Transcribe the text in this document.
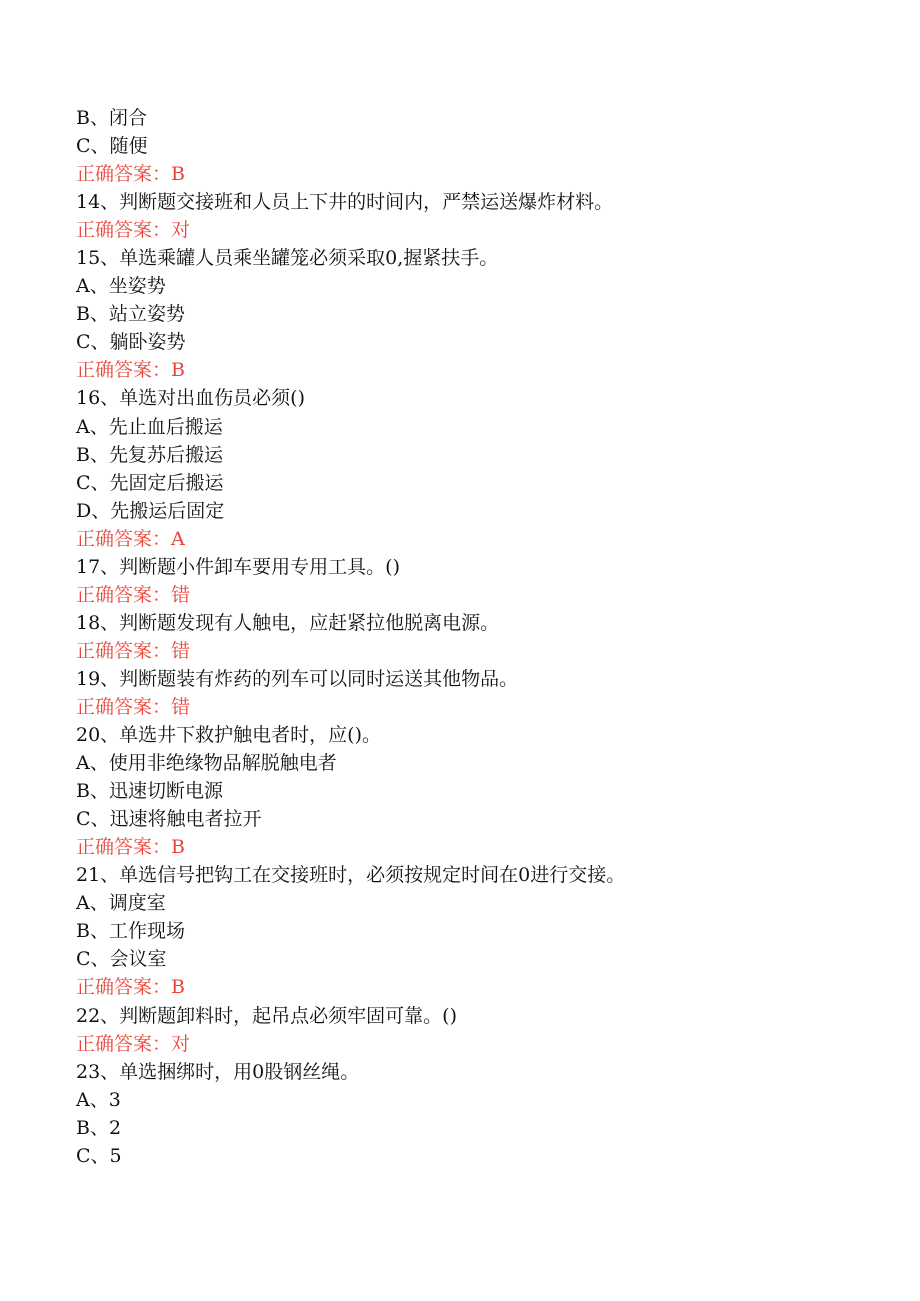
B、闭合
C、随便
正确答案：B
14、判断题交接班和人员上下井的时间内，严禁运送爆炸材料。
正确答案：对
15、单选乘罐人员乘坐罐笼必须采取0,握紧扶手。
A、坐姿势
B、站立姿势
C、躺卧姿势
正确答案：B
16、单选对出血伤员必须()
A、先止血后搬运
B、先复苏后搬运
C、先固定后搬运
D、先搬运后固定
正确答案：A
17、判断题小件卸车要用专用工具。()
正确答案：错
18、判断题发现有人触电，应赶紧拉他脱离电源。
正确答案：错
19、判断题装有炸药的列车可以同时运送其他物品。
正确答案：错
20、单选井下救护触电者时，应()。
A、使用非绝缘物品解脱触电者
B、迅速切断电源
C、迅速将触电者拉开
正确答案：B
21、单选信号把钩工在交接班时，必须按规定时间在0进行交接。
A、调度室
B、工作现场
C、会议室
正确答案：B
22、判断题卸料时，起吊点必须牢固可靠。()
正确答案：对
23、单选捆绑时，用0股钢丝绳。
A、3
B、2
C、5
